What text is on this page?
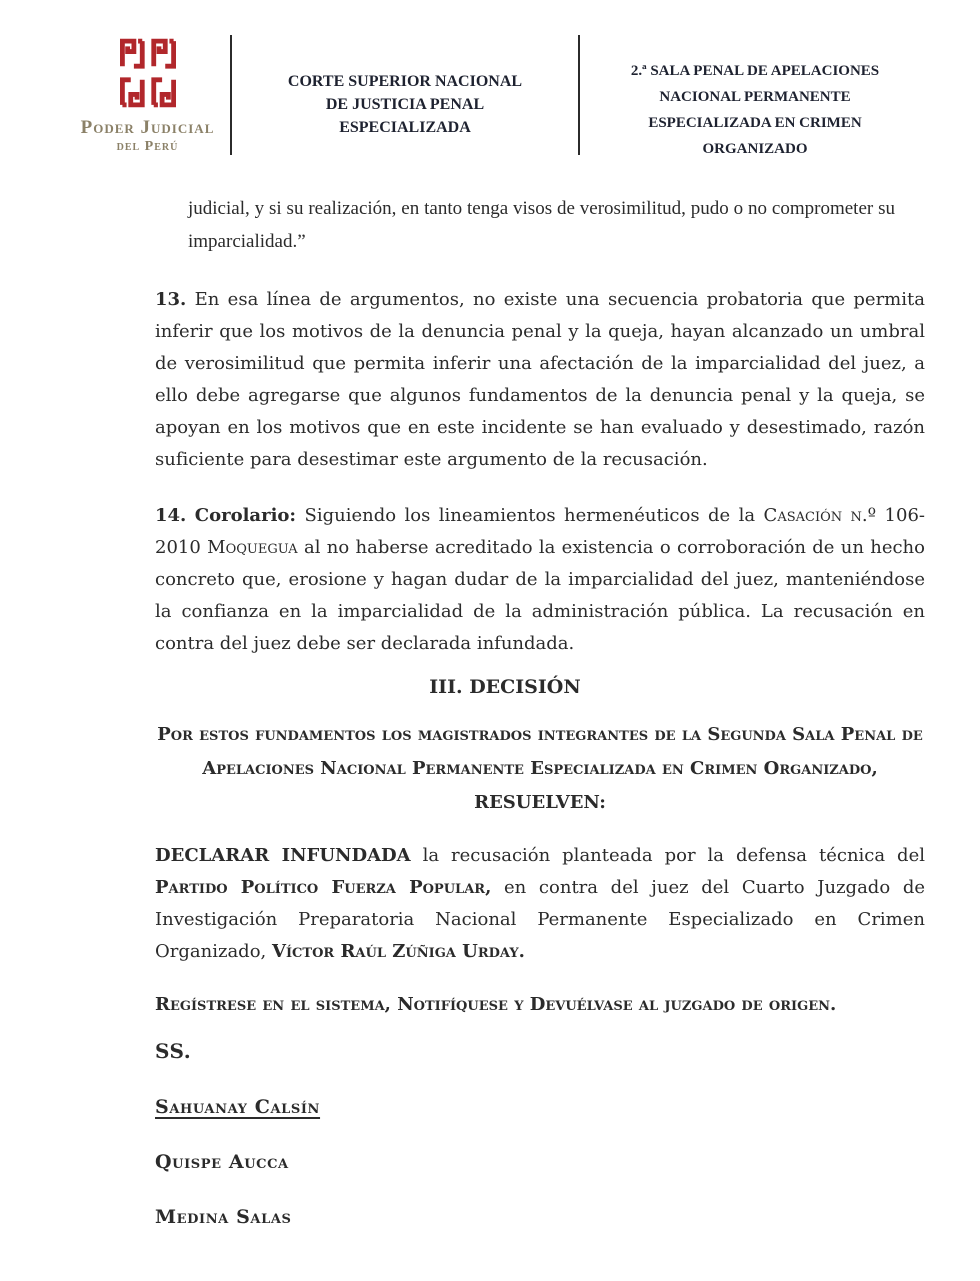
Poder Judicial
del Perú
CORTE SUPERIOR NACIONAL
DE JUSTICIA PENAL
ESPECIALIZADA
2.ª SALA PENAL DE APELACIONES
NACIONAL PERMANENTE
ESPECIALIZADA EN CRIMEN
ORGANIZADO

judicial, y si su realización, en tanto tenga visos de verosimilitud, pudo o no comprometer su imparcialidad.”

13. En esa línea de argumentos, no existe una secuencia probatoria que permita inferir que los motivos de la denuncia penal y la queja, hayan alcanzado un umbral de verosimilitud que permita inferir una afectación de la imparcialidad del juez, a ello debe agregarse que algunos fundamentos de la denuncia penal y la queja, se apoyan en los motivos que en este incidente se han evaluado y desestimado, razón suficiente para desestimar este argumento de la recusación.

14. Corolario: Siguiendo los lineamientos hermenéuticos de la Casación n.º 106-2010 Moquegua al no haberse acreditado la existencia o corroboración de un hecho concreto que, erosione y hagan dudar de la imparcialidad del juez, manteniéndose la confianza en la imparcialidad de la administración pública. La recusación en contra del juez debe ser declarada infundada.

III. DECISIÓN

Por estos fundamentos los magistrados integrantes de la Segunda Sala Penal de Apelaciones Nacional Permanente Especializada en Crimen Organizado, RESUELVEN:

DECLARAR INFUNDADA la recusación planteada por la defensa técnica del Partido Político Fuerza Popular, en contra del juez del Cuarto Juzgado de Investigación Preparatoria Nacional Permanente Especializado en Crimen Organizado, Víctor Raúl Zúñiga Urday.

Regístrese en el sistema, Notifíquese y Devuélvase al juzgado de origen.

SS.

Sahuanay Calsín

Quispe Aucca

Medina Salas
